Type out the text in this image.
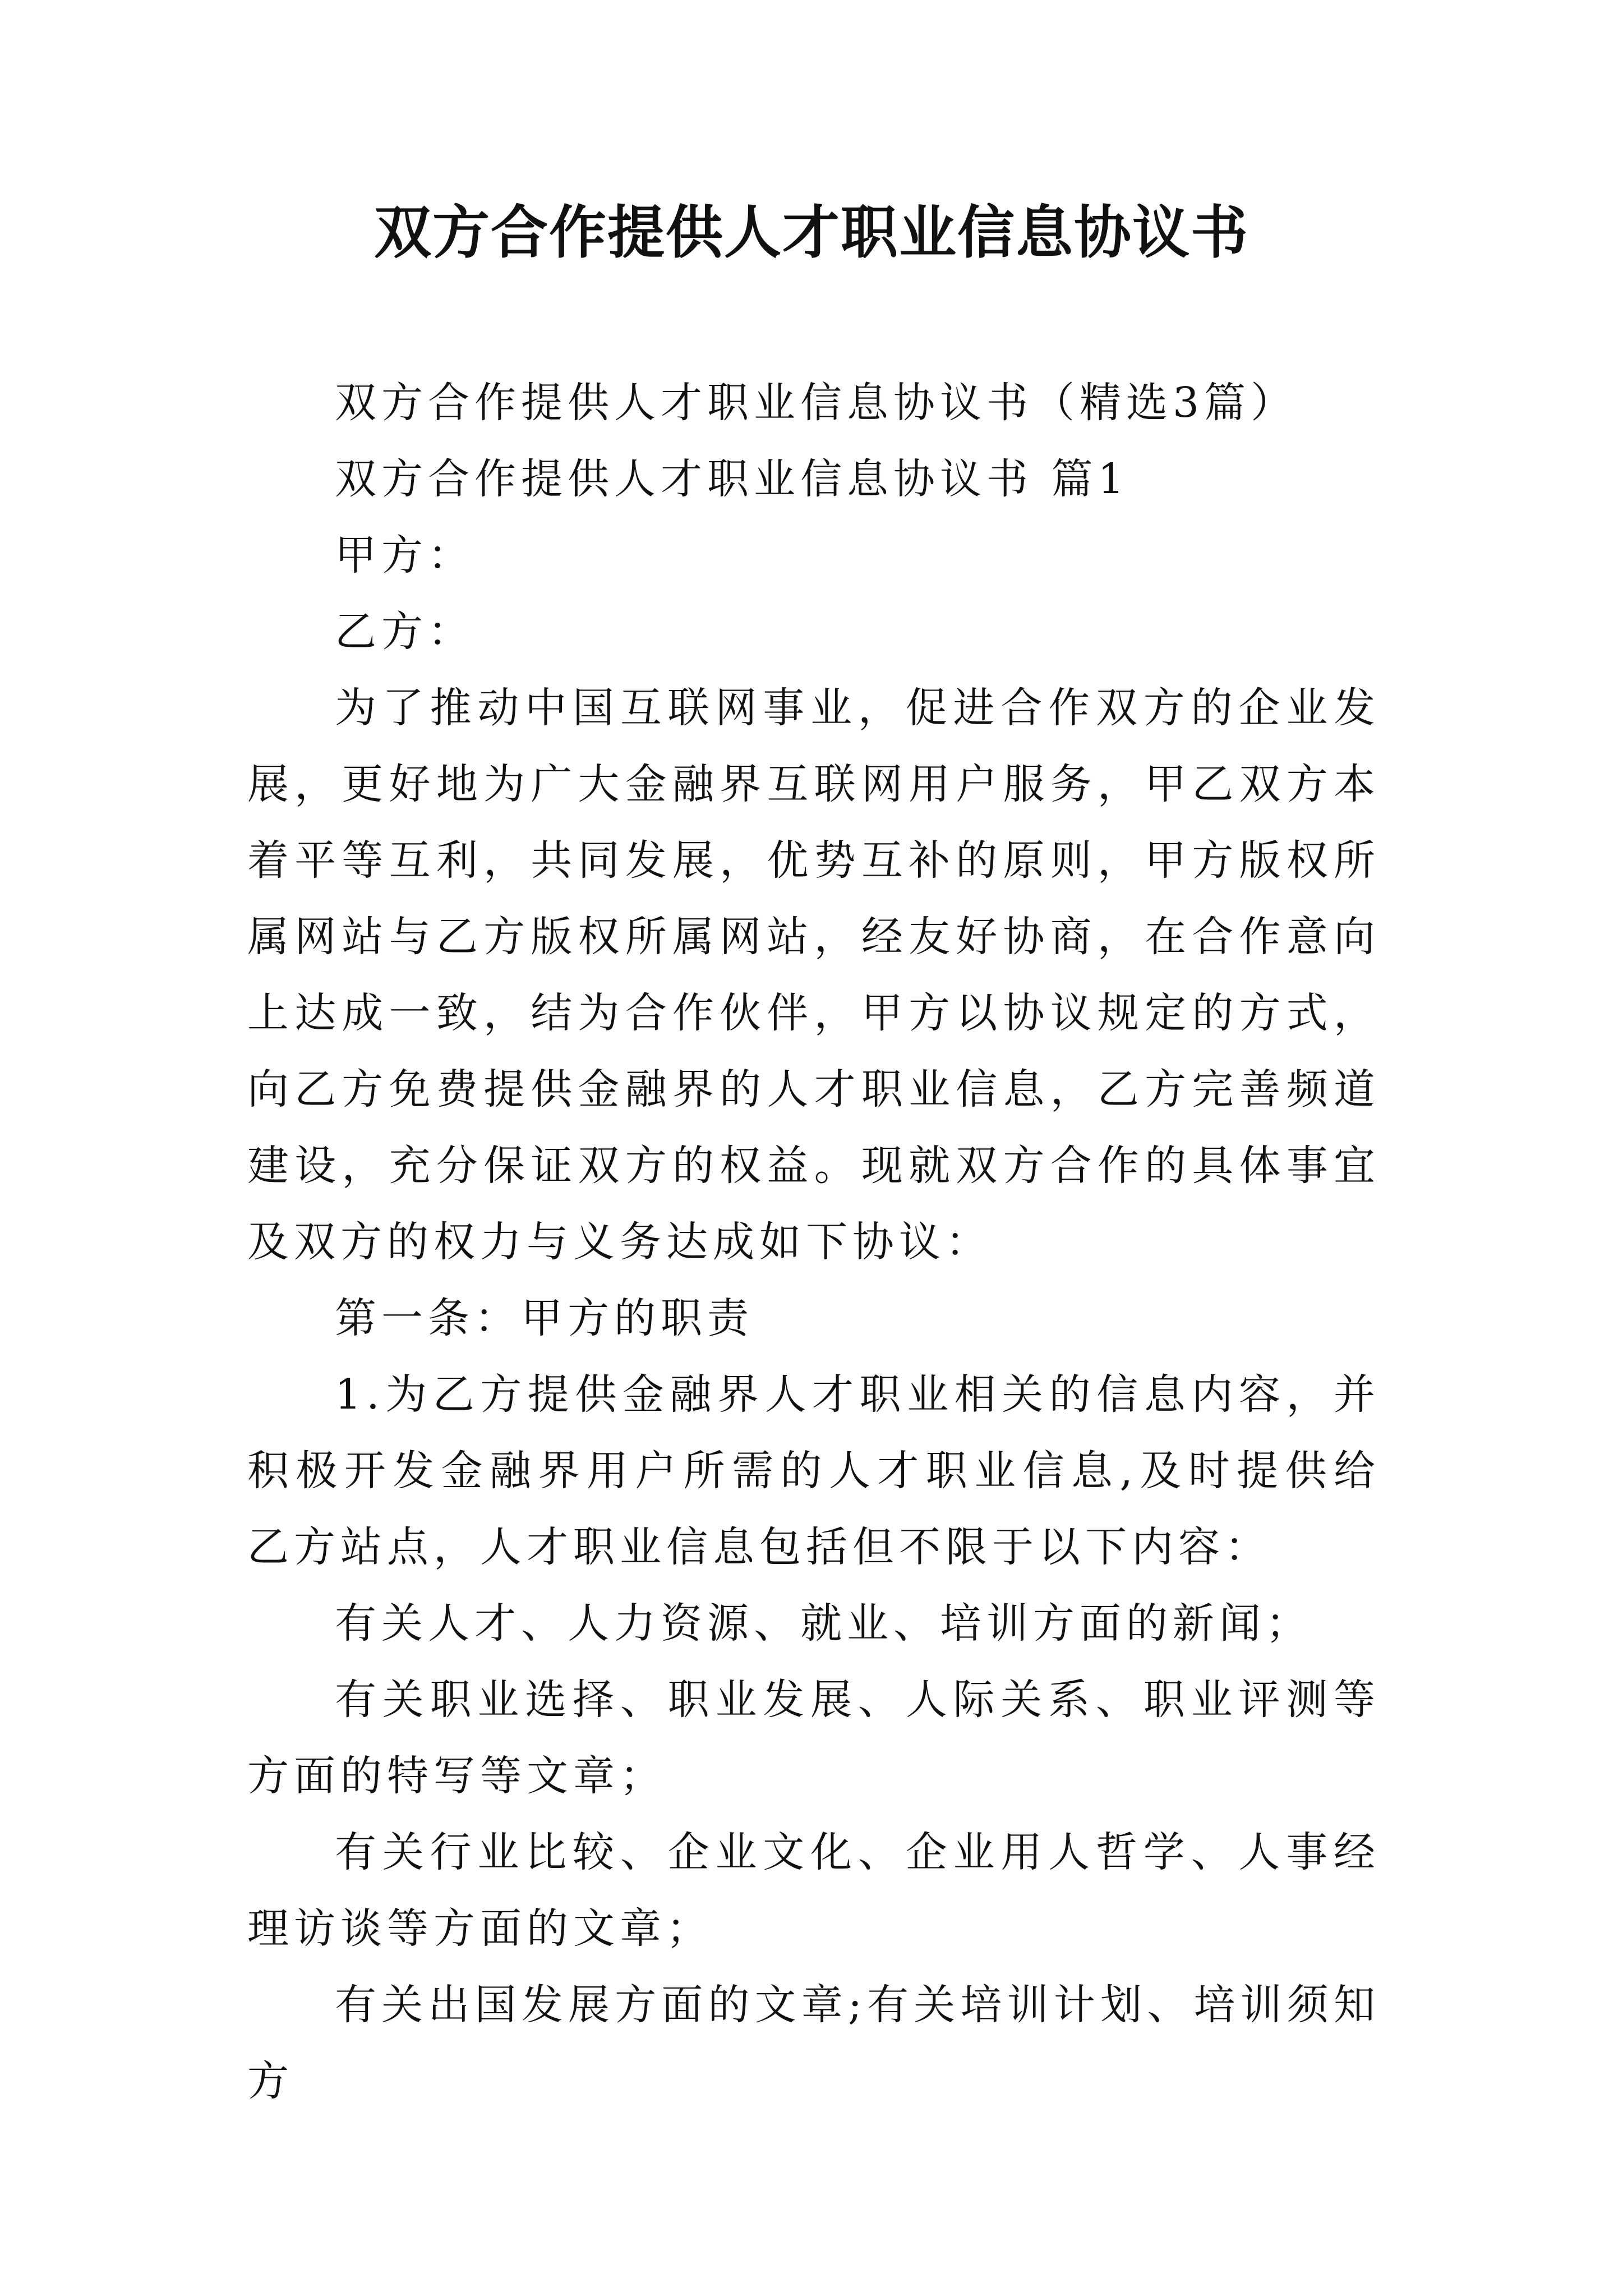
双方合作提供人才职业信息协议书

双方合作提供人才职业信息协议书（精选3篇）

双方合作提供人才职业信息协议书 篇1

甲方：

乙方：

为了推动中国互联网事业，促进合作双方的企业发展，更好地为广大金融界互联网用户服务，甲乙双方本着平等互利，共同发展，优势互补的原则，甲方版权所属网站与乙方版权所属网站，经友好协商，在合作意向上达成一致，结为合作伙伴，甲方以协议规定的方式，向乙方免费提供金融界的人才职业信息，乙方完善频道建设，充分保证双方的权益。现就双方合作的具体事宜及双方的权力与义务达成如下协议：

第一条：甲方的职责

1.为乙方提供金融界人才职业相关的信息内容，并积极开发金融界用户所需的人才职业信息,及时提供给乙方站点，人才职业信息包括但不限于以下内容：

有关人才、人力资源、就业、培训方面的新闻；

有关职业选择、职业发展、人际关系、职业评测等方面的特写等文章；

有关行业比较、企业文化、企业用人哲学、人事经理访谈等方面的文章；

有关出国发展方面的文章;有关培训计划、培训须知方
